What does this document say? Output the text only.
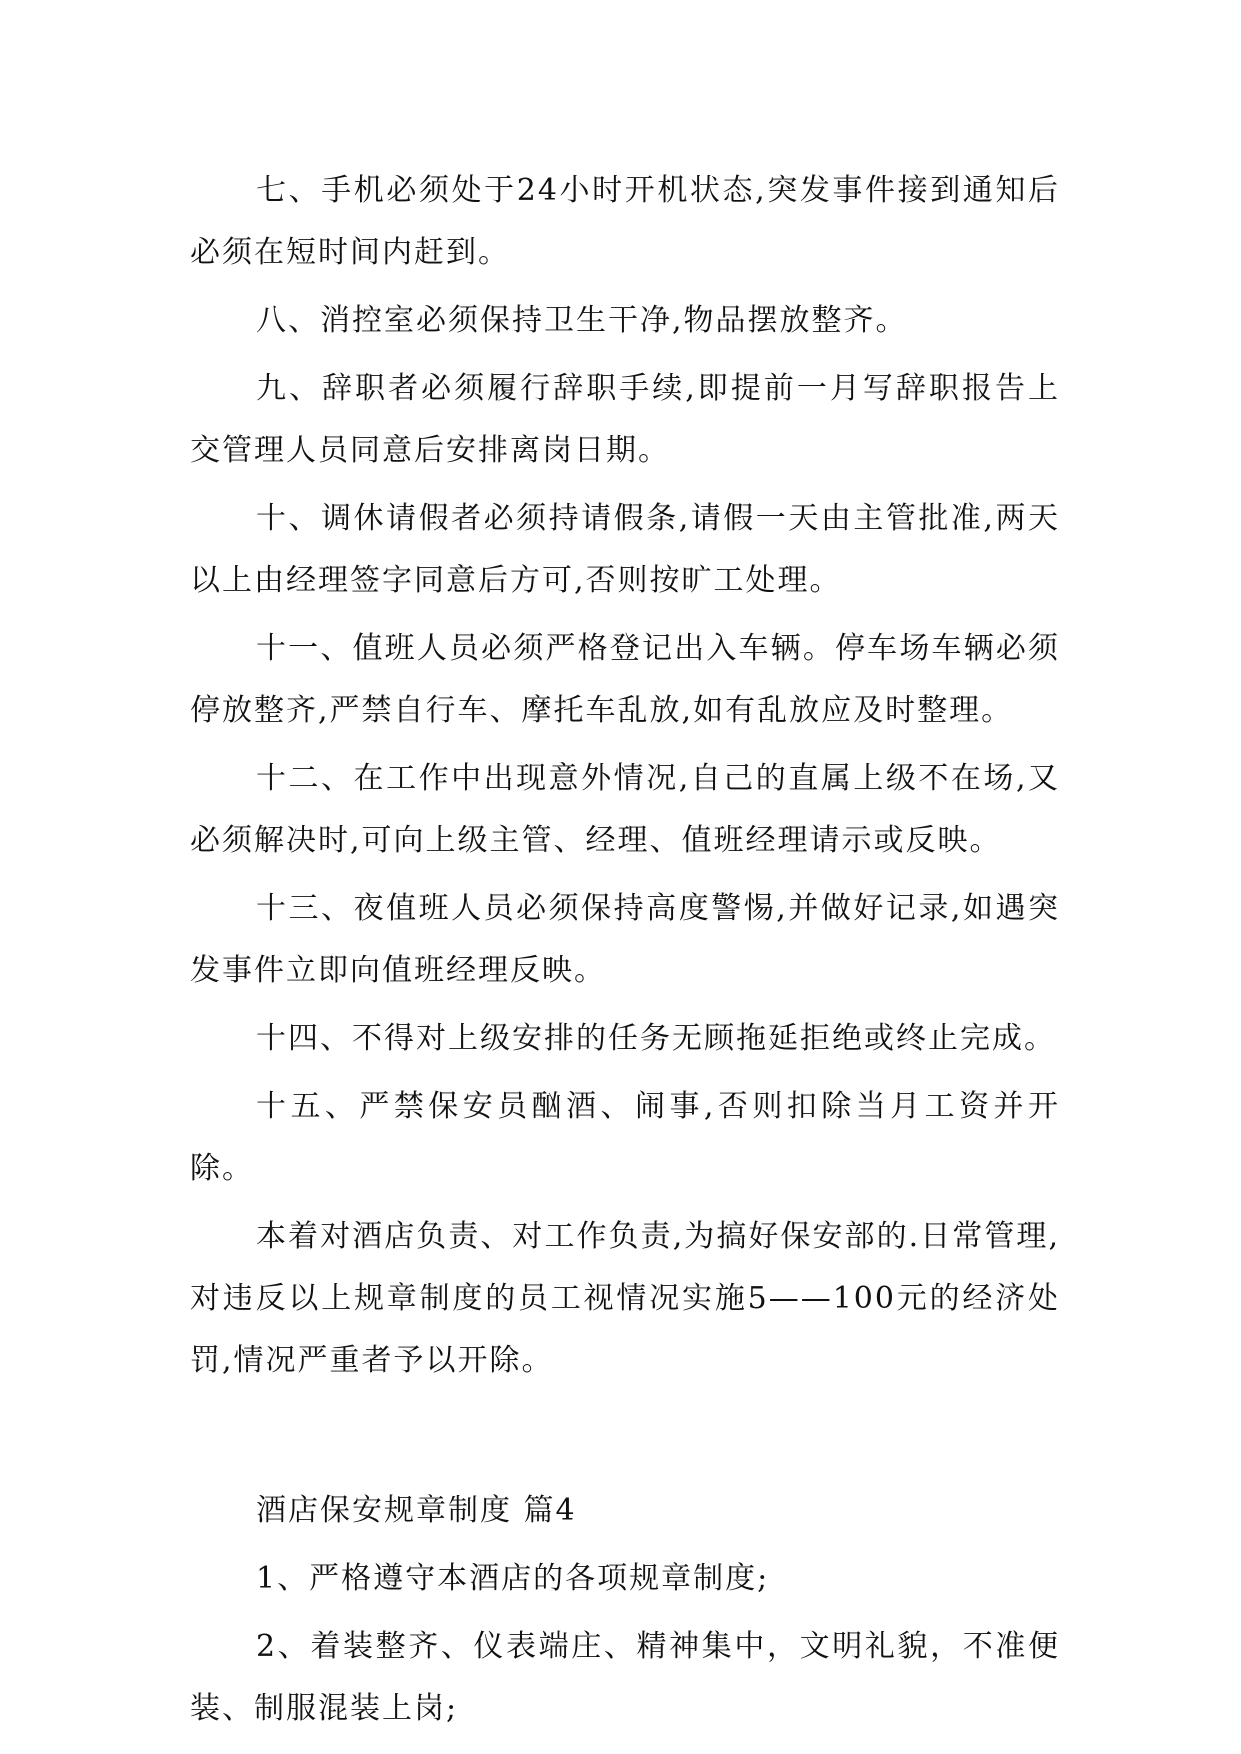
七、手机必须处于24小时开机状态,突发事件接到通知后必须在短时间内赶到。

八、消控室必须保持卫生干净,物品摆放整齐。

九、辞职者必须履行辞职手续,即提前一月写辞职报告上交管理人员同意后安排离岗日期。

十、调休请假者必须持请假条,请假一天由主管批准,两天以上由经理签字同意后方可,否则按旷工处理。

十一、值班人员必须严格登记出入车辆。停车场车辆必须停放整齐,严禁自行车、摩托车乱放,如有乱放应及时整理。

十二、在工作中出现意外情况,自己的直属上级不在场,又必须解决时,可向上级主管、经理、值班经理请示或反映。

十三、夜值班人员必须保持高度警惕,并做好记录,如遇突发事件立即向值班经理反映。

十四、不得对上级安排的任务无顾拖延拒绝或终止完成。

十五、严禁保安员酗酒、闹事,否则扣除当月工资并开除。

本着对酒店负责、对工作负责,为搞好保安部的.日常管理,对违反以上规章制度的员工视情况实施5——100元的经济处罚,情况严重者予以开除。

酒店保安规章制度 篇4

1、严格遵守本酒店的各项规章制度;

2、着装整齐、仪表端庄、精神集中，文明礼貌，不准便装、制服混装上岗;
